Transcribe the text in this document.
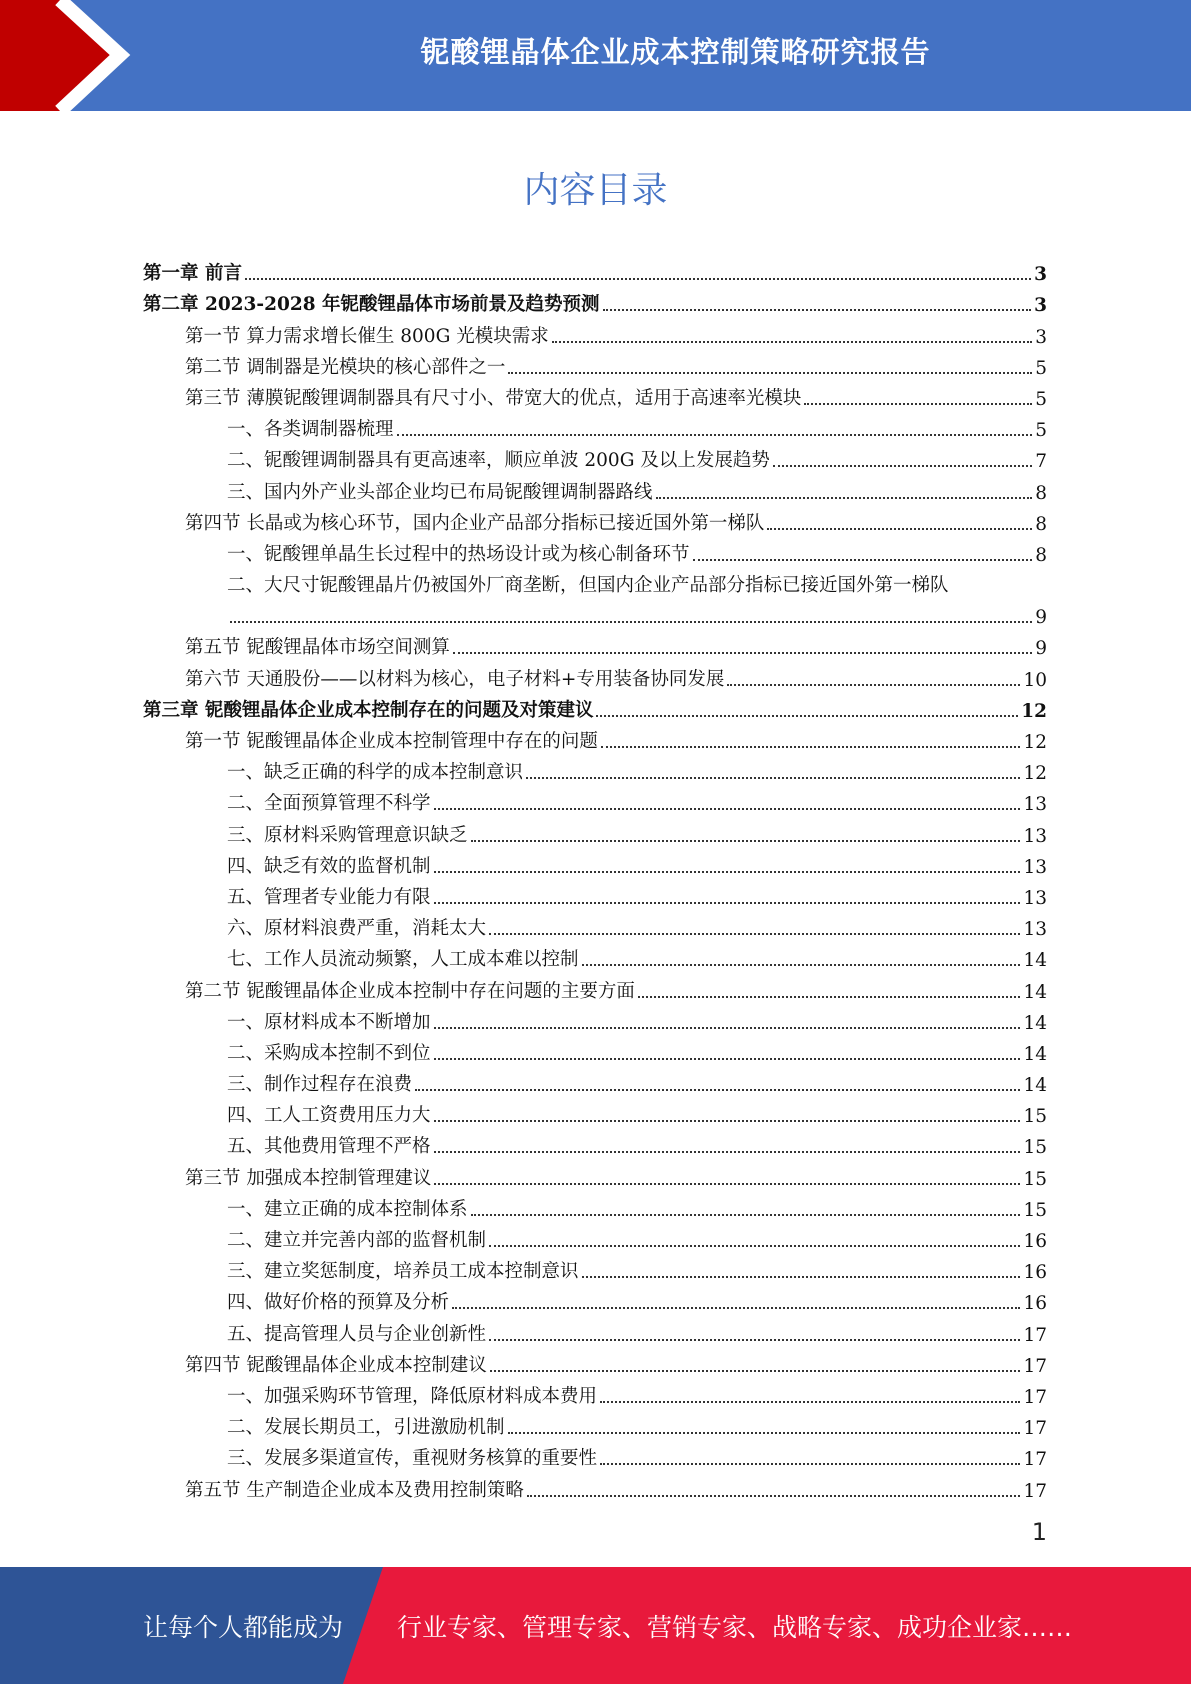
铌酸锂晶体企业成本控制策略研究报告
内容目录
第一章 前言	3
第二章 2023-2028 年铌酸锂晶体市场前景及趋势预测	3
第一节 算力需求增长催生 800G 光模块需求	3
第二节 调制器是光模块的核心部件之一	5
第三节 薄膜铌酸锂调制器具有尺寸小、带宽大的优点，适用于高速率光模块	5
一、各类调制器梳理	5
二、铌酸锂调制器具有更高速率，顺应单波 200G 及以上发展趋势	7
三、国内外产业头部企业均已布局铌酸锂调制器路线	8
第四节 长晶或为核心环节，国内企业产品部分指标已接近国外第一梯队	8
一、铌酸锂单晶生长过程中的热场设计或为核心制备环节	8
二、大尺寸铌酸锂晶片仍被国外厂商垄断，但国内企业产品部分指标已接近国外第一梯队
9
第五节 铌酸锂晶体市场空间测算	9
第六节 天通股份——以材料为核心，电子材料+专用装备协同发展	10
第三章 铌酸锂晶体企业成本控制存在的问题及对策建议	12
第一节 铌酸锂晶体企业成本控制管理中存在的问题	12
一、缺乏正确的科学的成本控制意识	12
二、全面预算管理不科学	13
三、原材料采购管理意识缺乏	13
四、缺乏有效的监督机制	13
五、管理者专业能力有限	13
六、原材料浪费严重，消耗太大	13
七、工作人员流动频繁，人工成本难以控制	14
第二节 铌酸锂晶体企业成本控制中存在问题的主要方面	14
一、原材料成本不断增加	14
二、采购成本控制不到位	14
三、制作过程存在浪费	14
四、工人工资费用压力大	15
五、其他费用管理不严格	15
第三节 加强成本控制管理建议	15
一、建立正确的成本控制体系	15
二、建立并完善内部的监督机制	16
三、建立奖惩制度，培养员工成本控制意识	16
四、做好价格的预算及分析	16
五、提高管理人员与企业创新性	17
第四节 铌酸锂晶体企业成本控制建议	17
一、加强采购环节管理，降低原材料成本费用	17
二、发展长期员工，引进激励机制	17
三、发展多渠道宣传，重视财务核算的重要性	17
第五节 生产制造企业成本及费用控制策略	17
1
让每个人都能成为 行业专家、管理专家、营销专家、战略专家、成功企业家……
